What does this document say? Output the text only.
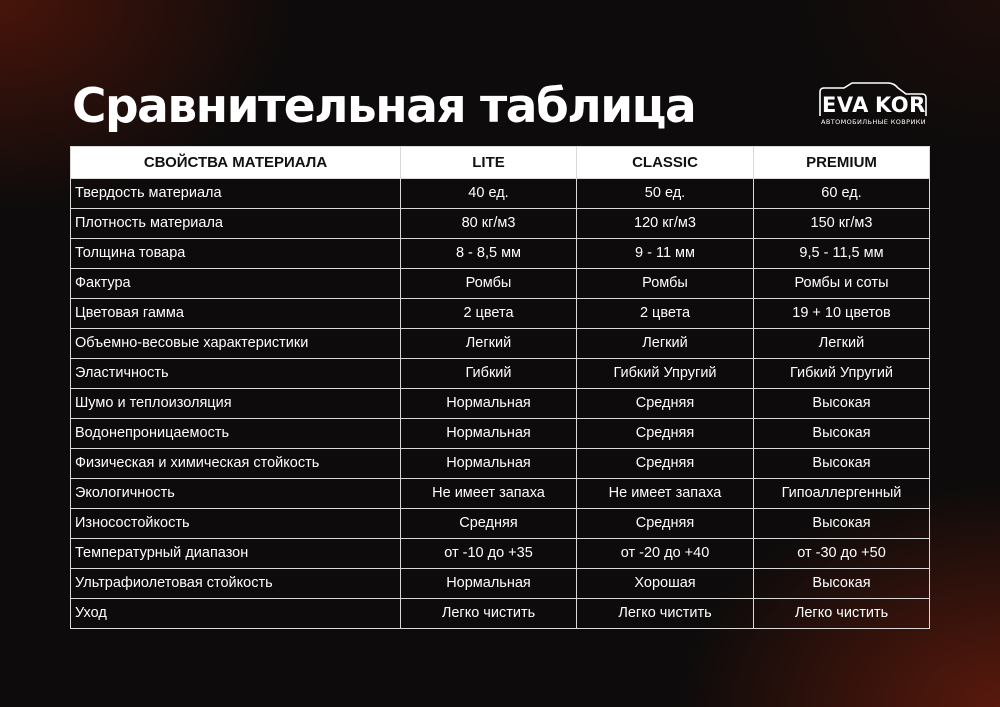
Сравнительная таблица	EVA KOR
АВТОМОБИЛЬНЫЕ КОВРИКИ
СВОЙСТВА МАТЕРИАЛА	LITE	CLASSIC	PREMIUM
Твердость материала	40 ед.	50 ед.	60 ед.
Плотность материала	80 кг/м3	120 кг/м3	150 кг/м3
Толщина товара	8 - 8,5 мм	9 - 11 мм	9,5 - 11,5 мм
Фактура	Ромбы	Ромбы	Ромбы и соты
Цветовая гамма	2 цвета	2 цвета	19 + 10 цветов
Объемно-весовые характеристики	Легкий	Легкий	Легкий
Эластичность	Гибкий	Гибкий Упругий	Гибкий Упругий
Шумо и теплоизоляция	Нормальная	Средняя	Высокая
Водонепроницаемость	Нормальная	Средняя	Высокая
Физическая и химическая стойкость	Нормальная	Средняя	Высокая
Экологичность	Не имеет запаха	Не имеет запаха	Гипоаллергенный
Износостойкость	Средняя	Средняя	Высокая
Температурный диапазон	от -10 до +35	от -20 до +40	от -30 до +50
Ультрафиолетовая стойкость	Нормальная	Хорошая	Высокая
Уход	Легко чистить	Легко чистить	Легко чистить
